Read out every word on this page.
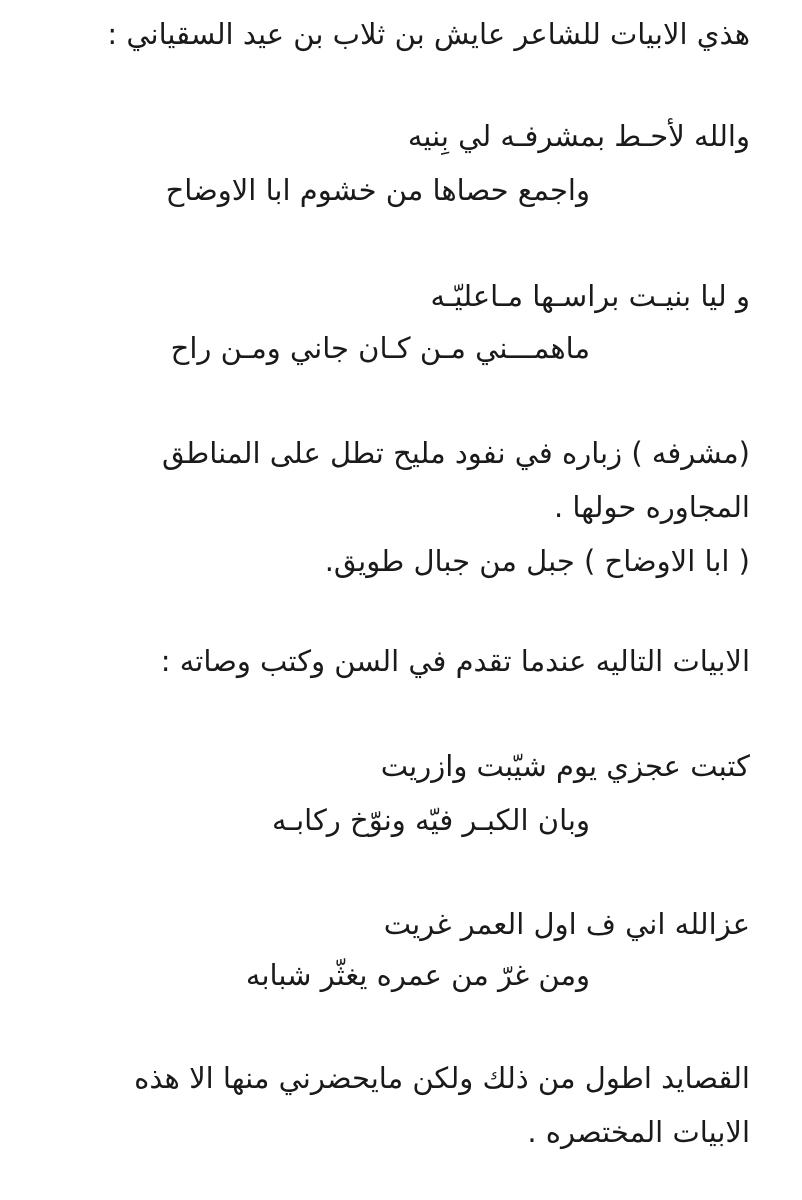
هذي الابيات للشاعر عايش بن ثلاب بن عيد السقياني :
والله لأحـط بمشرفـه لي بِنيه
واجمع حصاها من خشوم ابا الاوضاح
و ليا بنيـت براسـها مـاعليّـه
ماهمـــني مـن كـان جاني ومـن راح
(مشرفه ) زباره في نفود مليح تطل على المناطق
المجاوره حولها .
( ابا الاوضاح ) جبل من جبال طويق.
الابيات التاليه عندما تقدم في السن وكتب وصاته :
كتبت عجزي يوم شيّبت وازريت
وبان الكبـر فيّه ونوّخ ركابـه
عزالله اني ف اول العمر غريت
ومن غرّ من عمره يغثّر شبابه
القصايد اطول من ذلك ولكن مايحضرني منها الا هذه
الابيات المختصره .
